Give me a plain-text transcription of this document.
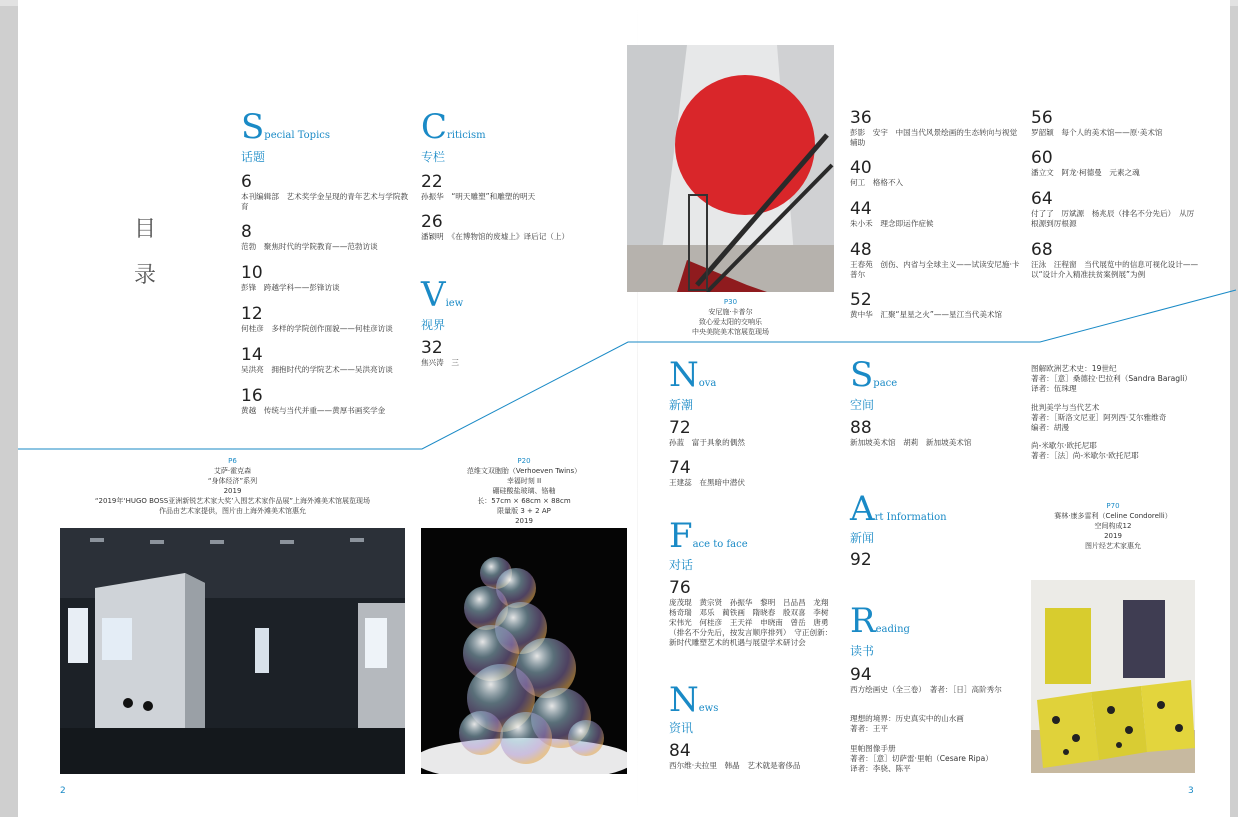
目
录
Special Topics
话题
6
本刊编辑部　艺术奖学金呈现的青年艺术与学院教育
8
范勃　聚焦时代的学院教育——范勃访谈
10
彭锋　跨越学科——彭锋访谈
12
何桂彦　多样的学院创作面貌——何桂彦访谈
14
吴洪亮　拥抱时代的学院艺术——吴洪亮访谈
16
黄越　传统与当代并重——黄厚书画奖学金
Criticism
专栏
22
孙振华　“明天雕塑”和雕塑的明天
26
潘颖明　《在博物馆的废墟上》译后记（上）
View
视界
32
焦兴涛　三
P30
安尼施·卡普尔
致心爱太阳的交响乐
中央美院美术馆展览现场
36
彭影　安宇　中国当代风景绘画的生态转向与视觉辅助
40
何工　格格不入
44
朱小禾　理念即运作症候
48
王春苑　创伤、内省与全球主义——试读安尼施·卡普尔
52
黄中华　汇聚“星星之火”——星江当代美术馆
56
罗韶颖　每个人的美术馆——原·美术馆
60
潘立文　阿龙·柯德曼　元素之魂
64
付了了　厉斌源　杨兆辰（排名不分先后）　从厉根源到厉根源
68
汪泳　汪程窗　当代展览中的信息可视化设计——以“设计介入精准扶贫案例展”为例
Nova
新潮
72
孙蓝　富于具象的偶然
74
王建蕊　在黑暗中潜伏
Face to face
对话
76
庞茂琨　黄宗贤　孙振华　黎明　吕品昌　龙翔　杨奇瑞　邓乐　蔺铁画　隋晓春　殷双喜　李树　宋伟光　何桂彦　王天祥　申晓南　曾岳　唐勇（排名不分先后，按发言顺序排列）　守正创新：新时代雕塑艺术的机遇与展望学术研讨会
News
资讯
84
西尔维·夫拉里　韩晶　艺术就是奢侈品
Space
空间
88
新加坡美术馆　胡莉　新加坡美术馆
Art Information
新闻
92
Reading
读书
94
西方绘画史（全三卷）　著者：［日］高阶秀尔
理想的境界：历史真实中的山水画
著者：王平
里帕图像手册
著者：［意］切萨雷·里帕（Cesare Ripa）
译者：李骁、陈平
图解欧洲艺术史：19世纪
著者：［意］桑德拉·巴拉利（Sandra Baragli）
译者：伍珠理
批判美学与当代艺术
著者：［斯洛文尼亚］阿列西·艾尔雅维奇
编者：胡漫
尚-米歇尔·欧托尼耶
著者：［法］尚-米歇尔·欧托尼耶
P70
赛林·康多雷利（Celine Condorelli）
空间构成12
2019
图片经艺术家惠允
P6
艾萨·霍克森
“身体经济”系列
2019
“2019年‘HUGO BOSS亚洲新锐艺术家大奖’入围艺术家作品展”上海外滩美术馆展览现场
作品由艺术家提供，图片由上海外滩美术馆惠允
P20
范维文双胞胎（Verhoeven Twins）
幸福时刻 II
硼硅酸盐玻璃、铬釉
长：57cm × 68cm × 88cm
限量版 3 + 2 AP
2019
2	3
